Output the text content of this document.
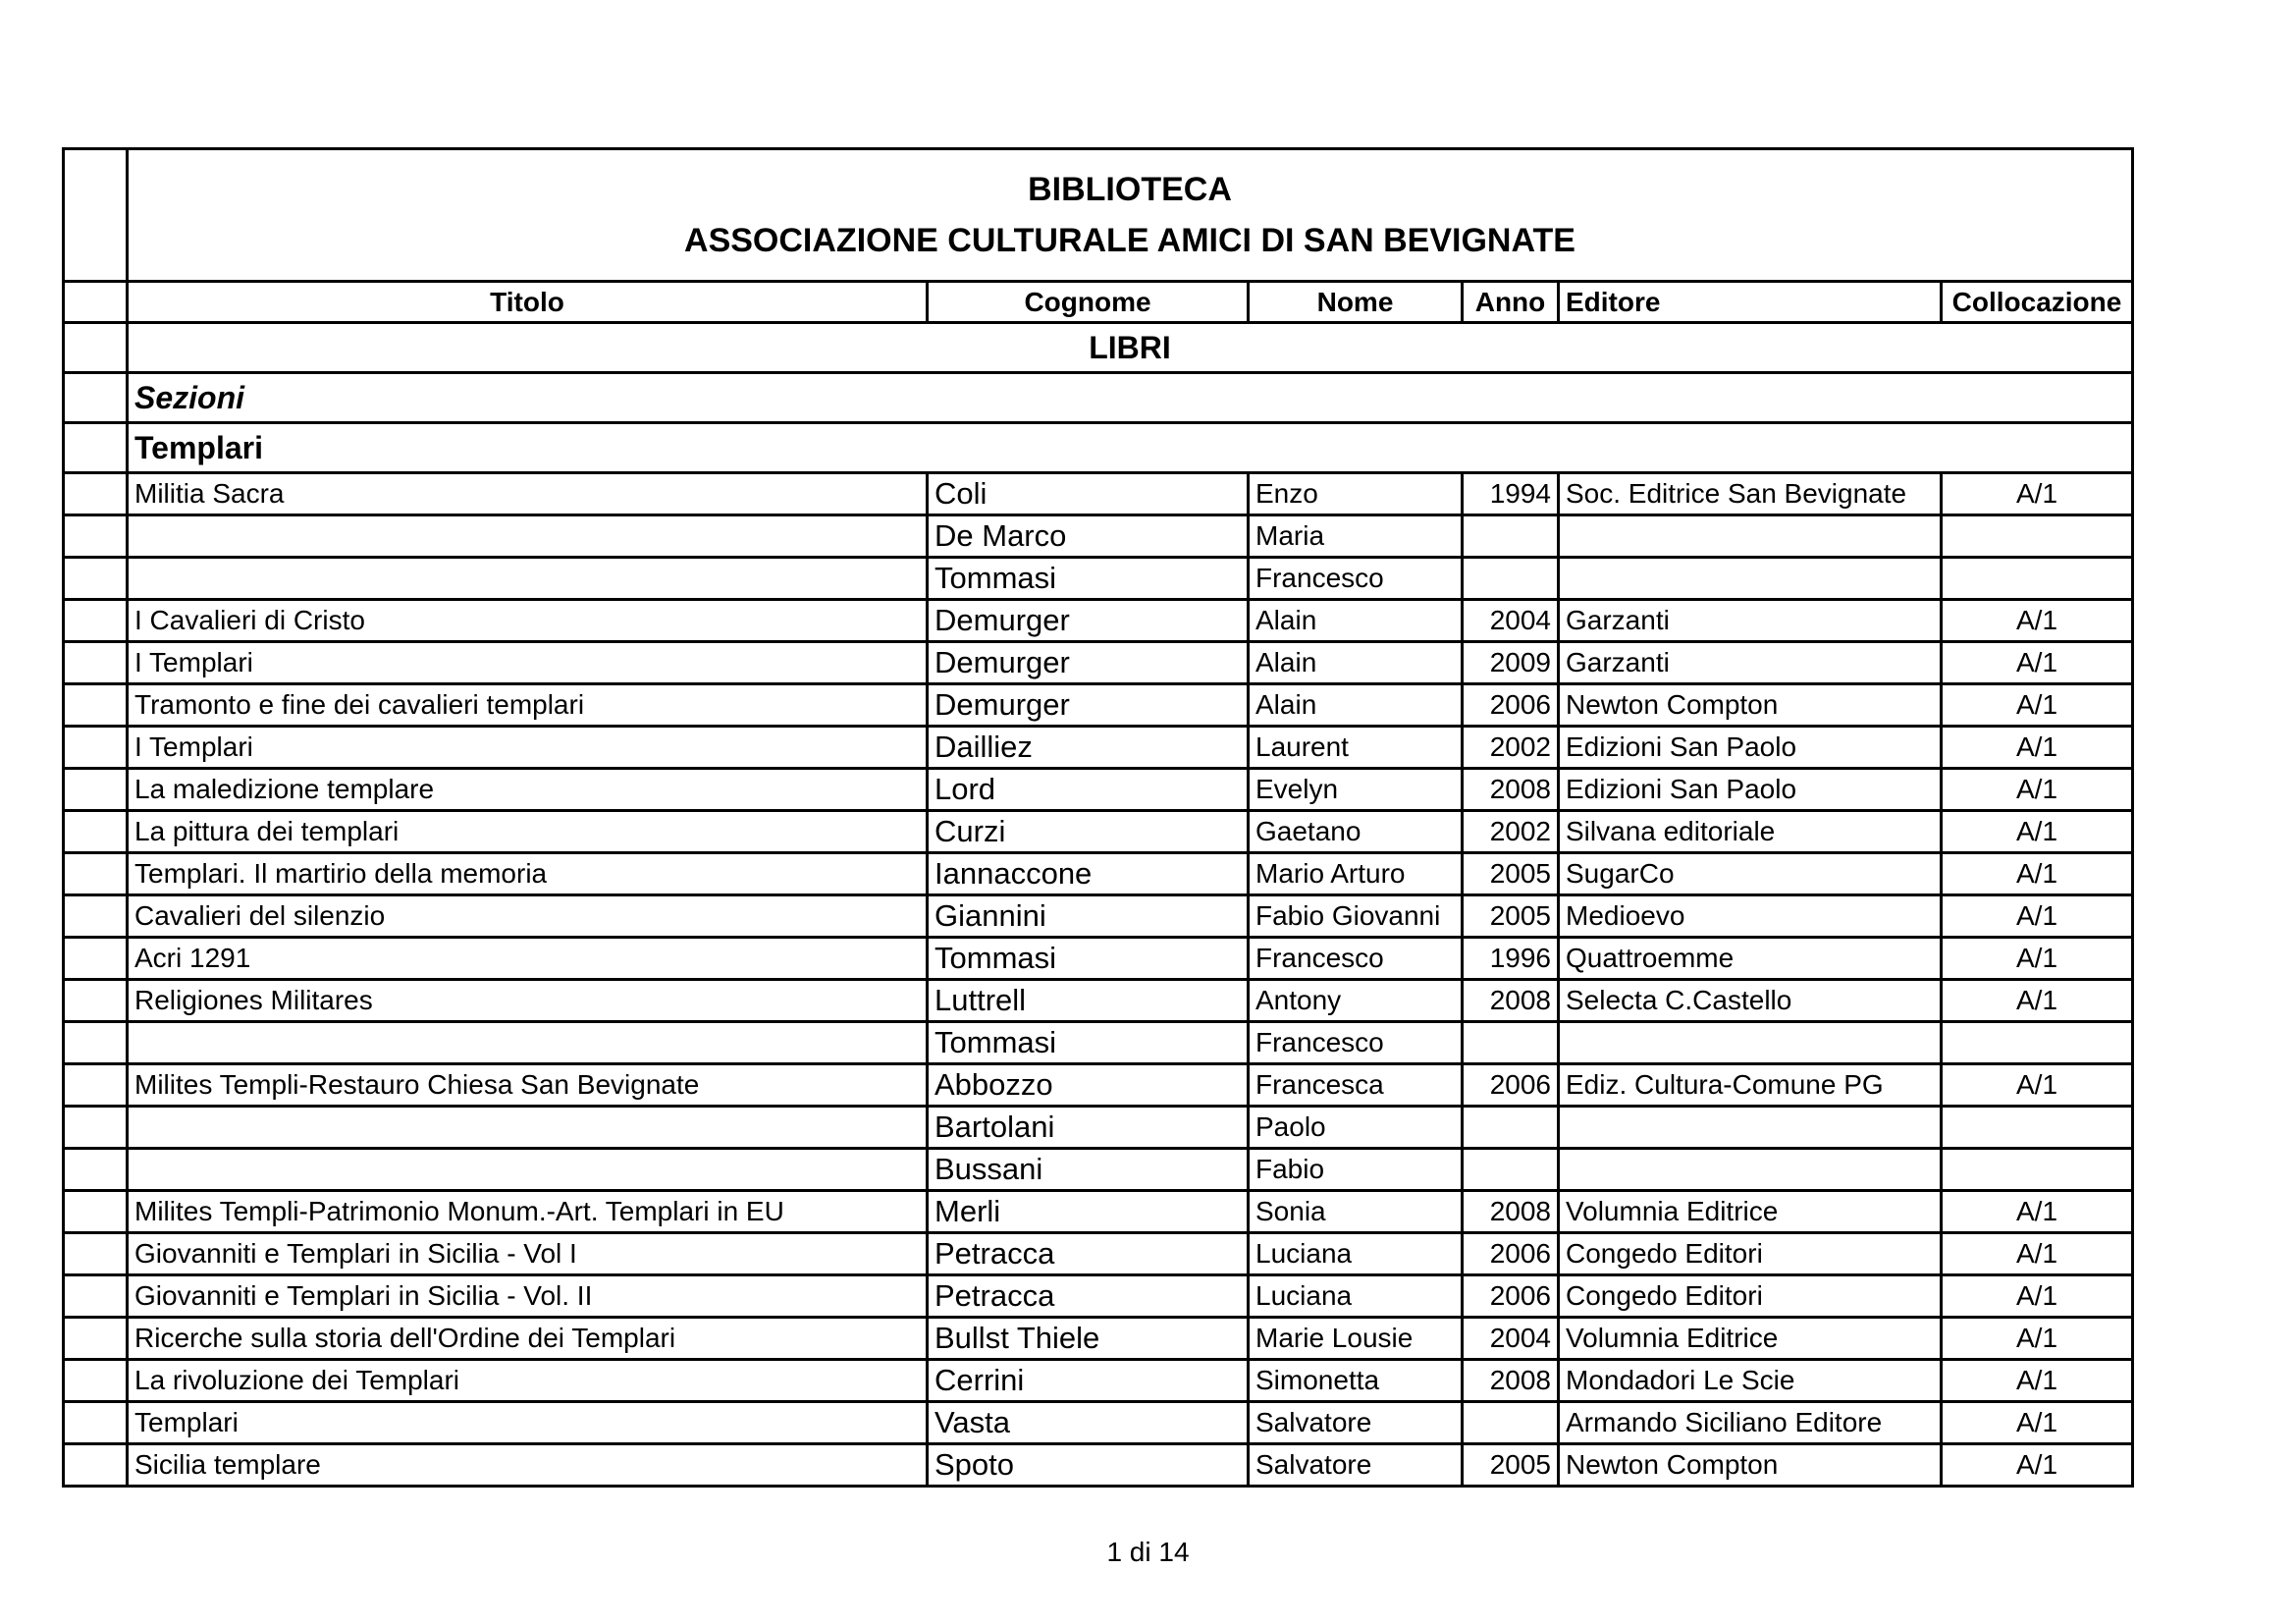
	BIBLIOTECA
ASSOCIAZIONE CULTURALE AMICI DI SAN BEVIGNATE					

	Titolo	Cognome	Nome	Anno	Editore	Collocazione
	LIBRI					
	Sezioni					
	Templari					
	Militia Sacra	Coli	Enzo	1994	Soc. Editrice San Bevignate	A/1
		De Marco	Maria			
		Tommasi	Francesco			
	I Cavalieri di Cristo	Demurger	Alain	2004	Garzanti	A/1
	I Templari	Demurger	Alain	2009	Garzanti	A/1
	Tramonto e fine dei cavalieri templari	Demurger	Alain	2006	Newton Compton	A/1
	I Templari	Dailliez	Laurent	2002	Edizioni San Paolo	A/1
	La maledizione templare	Lord	Evelyn	2008	Edizioni San Paolo	A/1
	La pittura dei templari	Curzi	Gaetano	2002	Silvana editoriale	A/1
	Templari. Il martirio della memoria	Iannaccone	Mario Arturo	2005	SugarCo	A/1
	Cavalieri del silenzio	Giannini	Fabio Giovanni	2005	Medioevo	A/1
	Acri 1291	Tommasi	Francesco	1996	Quattroemme	A/1
	Religiones Militares	Luttrell	Antony	2008	Selecta C.Castello	A/1
		Tommasi	Francesco			
	Milites Templi-Restauro Chiesa San Bevignate	Abbozzo	Francesca	2006	Ediz. Cultura-Comune PG	A/1
		Bartolani	Paolo			
		Bussani	Fabio			
	Milites Templi-Patrimonio Monum.-Art. Templari in EU	Merli	Sonia	2008	Volumnia Editrice	A/1
	Giovanniti e Templari in Sicilia - Vol I	Petracca	Luciana	2006	Congedo Editori	A/1
	Giovanniti e Templari in Sicilia - Vol. II	Petracca	Luciana	2006	Congedo Editori	A/1
	Ricerche sulla storia dell'Ordine dei Templari	Bullst Thiele	Marie Lousie	2004	Volumnia Editrice	A/1
	La rivoluzione dei Templari	Cerrini	Simonetta	2008	Mondadori Le Scie	A/1
	Templari	Vasta	Salvatore		Armando Siciliano Editore	A/1
	Sicilia templare	Spoto	Salvatore	2005	Newton Compton	A/1
1 di 14
